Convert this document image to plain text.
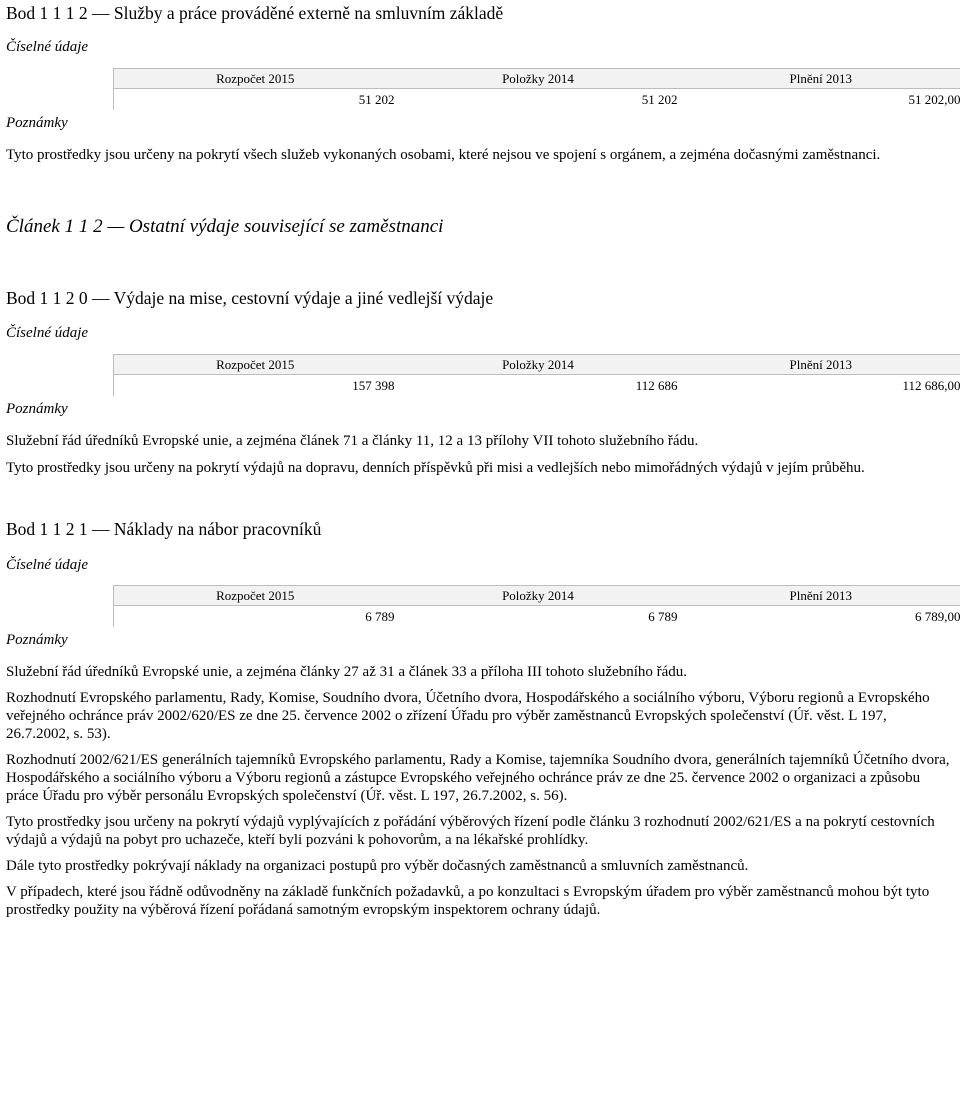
Bod 1 1 1 2 — Služby a práce prováděné externě na smluvním základě
Číselné údaje
Rozpočet 2015	Položky 2014	Plnění 2013
51 202	51 202	51 202,00
Poznámky

Tyto prostředky jsou určeny na pokrytí všech služeb vykonaných osobami, které nejsou ve spojení s orgánem, a zejména dočasnými zaměstnanci.

Článek 1 1 2 — Ostatní výdaje související se zaměstnanci
Bod 1 1 2 0 — Výdaje na mise, cestovní výdaje a jiné vedlejší výdaje
Číselné údaje
Rozpočet 2015	Položky 2014	Plnění 2013
157 398	112 686	112 686,00
Poznámky

Služební řád úředníků Evropské unie, a zejména článek 71 a články 11, 12 a 13 přílohy VII tohoto služebního řádu.

Tyto prostředky jsou určeny na pokrytí výdajů na dopravu, denních příspěvků při misi a vedlejších nebo mimořádných výdajů v jejím průběhu.

Bod 1 1 2 1 — Náklady na nábor pracovníků
Číselné údaje
Rozpočet 2015	Položky 2014	Plnění 2013
6 789	6 789	6 789,00
Poznámky

Služební řád úředníků Evropské unie, a zejména články 27 až 31 a článek 33 a příloha III tohoto služebního řádu.

Rozhodnutí Evropského parlamentu, Rady, Komise, Soudního dvora, Účetního dvora, Hospodářského a sociálního výboru, Výboru regionů a Evropského veřejného ochránce práv 2002/620/ES ze dne 25. července 2002 o zřízení Úřadu pro výběr zaměstnanců Evropských společenství (Úř. věst. L 197, 26.7.2002, s. 53).

Rozhodnutí 2002/621/ES generálních tajemníků Evropského parlamentu, Rady a Komise, tajemníka Soudního dvora, generálních tajemníků Účetního dvora, Hospodářského a sociálního výboru a Výboru regionů a zástupce Evropského veřejného ochránce práv ze dne 25. července 2002 o organizaci a způsobu práce Úřadu pro výběr personálu Evropských společenství (Úř. věst. L 197, 26.7.2002, s. 56).

Tyto prostředky jsou určeny na pokrytí výdajů vyplývajících z pořádání výběrových řízení podle článku 3 rozhodnutí 2002/621/ES a na pokrytí cestovních výdajů a výdajů na pobyt pro uchazeče, kteří byli pozváni k pohovorům, a na lékařské prohlídky.

Dále tyto prostředky pokrývají náklady na organizaci postupů pro výběr dočasných zaměstnanců a smluvních zaměstnanců.

V případech, které jsou řádně odůvodněny na základě funkčních požadavků, a po konzultaci s Evropským úřadem pro výběr zaměstnanců mohou být tyto prostředky použity na výběrová řízení pořádaná samotným evropským inspektorem ochrany údajů.
